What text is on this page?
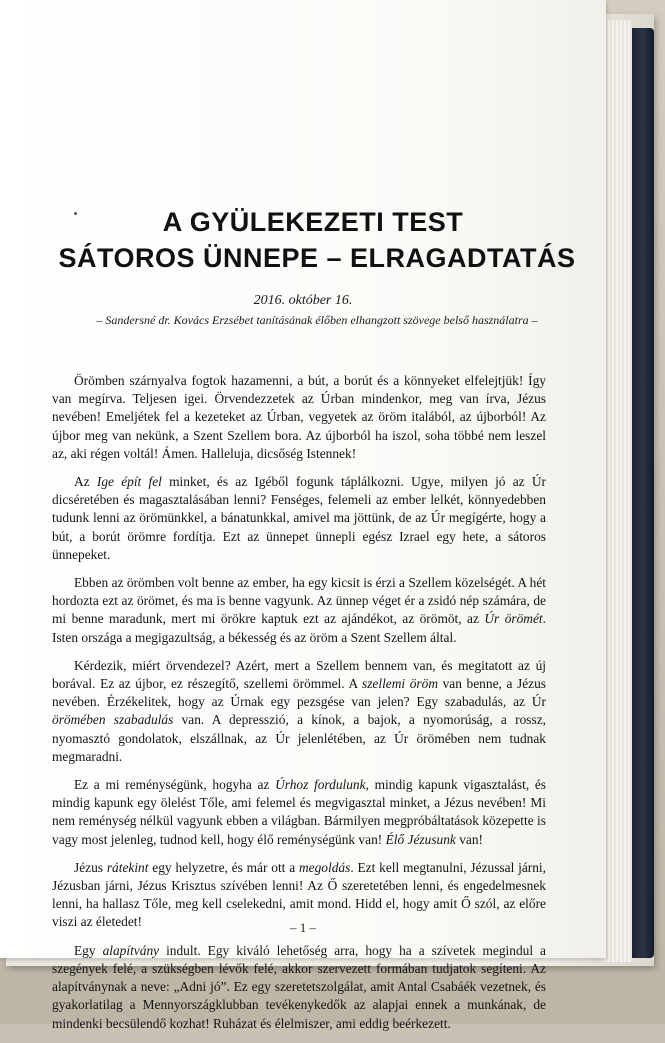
A GYÜLEKEZETI TEST
SÁTOROS ÜNNEPE – ELRAGADTATÁS
2016. október 16.
– Sandersné dr. Kovács Erzsébet tanításának élőben elhangzott szövege belső használatra –

Örömben szárnyalva fogtok hazamenni, a bút, a borút és a könnyeket elfelejtjük! Így van megírva. Teljesen igei. Örvendezzetek az Úrban mindenkor, meg van írva, Jézus nevében! Emeljétek fel a kezeteket az Úrban, vegyetek az öröm italából, az újborból! Az újbor meg van nekünk, a Szent Szellem bora. Az újborból ha iszol, soha többé nem leszel az, aki régen voltál! Ámen. Halleluja, dicsőség Istennek!

Az Ige épít fel minket, és az Igéből fogunk táplálkozni. Ugye, milyen jó az Úr dicséretében és magasztalásában lenni? Fenséges, felemeli az ember lelkét, könnyedebben tudunk lenni az örömünkkel, a bánatunkkal, amivel ma jöttünk, de az Úr megígérte, hogy a bút, a borút örömre fordítja. Ezt az ünnepet ünnepli egész Izrael egy hete, a sátoros ünnepeket.

Ebben az örömben volt benne az ember, ha egy kicsit is érzi a Szellem közelségét. A hét hordozta ezt az örömet, és ma is benne vagyunk. Az ünnep véget ér a zsidó nép számára, de mi benne maradunk, mert mi örökre kaptuk ezt az ajándékot, az örömöt, az Úr örömét. Isten országa a megigazultság, a békesség és az öröm a Szent Szellem által.

Kérdezik, miért örvendezel? Azért, mert a Szellem bennem van, és megitatott az új borával. Ez az újbor, ez részegítő, szellemi örömmel. A szellemi öröm van benne, a Jézus nevében. Érzékelitek, hogy az Úrnak egy pezsgése van jelen? Egy szabadulás, az Úr örömében szabadulás van. A depresszió, a kínok, a bajok, a nyomorúság, a rossz, nyomasztó gondolatok, elszállnak, az Úr jelenlétében, az Úr örömében nem tudnak megmaradni.

Ez a mi reménységünk, hogyha az Úrhoz fordulunk, mindig kapunk vigasztalást, és mindig kapunk egy ölelést Tőle, ami felemel és megvigasztal minket, a Jézus nevében! Mi nem reménység nélkül vagyunk ebben a világban. Bármilyen megpróbáltatások közepette is vagy most jelenleg, tudnod kell, hogy élő reménységünk van! Élő Jézusunk van!

Jézus rátekint egy helyzetre, és már ott a megoldás. Ezt kell megtanulni, Jézussal járni, Jézusban járni, Jézus Krisztus szívében lenni! Az Ő szeretetében lenni, és engedelmesnek lenni, ha hallasz Tőle, meg kell cselekedni, amit mond. Hidd el, hogy amit Ő szól, az előre viszi az életedet!

Egy alapítvány indult. Egy kiváló lehetőség arra, hogy ha a szívetek megindul a szegények felé, a szükségben lévők felé, akkor szervezett formában tudjatok segíteni. Az alapítványnak a neve: „Adni jó”. Ez egy szeretetszolgálat, amit Antal Csabáék vezetnek, és gyakorlatilag a Mennyországklubban tevékenykedők az alapjai ennek a munkának, de mindenki becsülendő kozhat! Ruházat és élelmiszer, ami eddig beérkezett.

– 1 –
